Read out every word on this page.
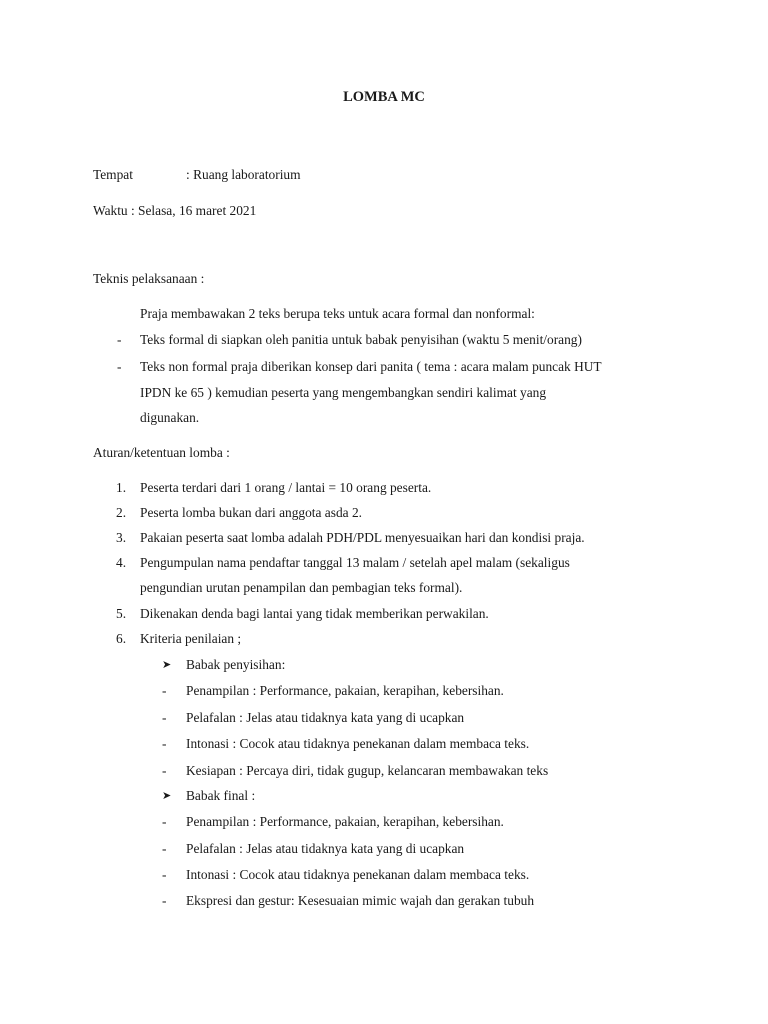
LOMBA MC
Tempat	: Ruang laboratorium
Waktu : Selasa, 16 maret 2021
Teknis pelaksanaan :
Praja membawakan 2 teks berupa teks untuk acara formal dan nonformal:
- Teks formal di siapkan oleh panitia untuk babak penyisihan (waktu 5 menit/orang)
- Teks non formal praja diberikan konsep dari panita ( tema : acara malam puncak HUT
IPDN ke 65 ) kemudian peserta yang mengembangkan sendiri kalimat yang
digunakan.
Aturan/ketentuan lomba :
1. Peserta terdari dari 1 orang / lantai = 10 orang peserta.
2. Peserta lomba bukan dari anggota asda 2.
3. Pakaian peserta saat lomba adalah PDH/PDL menyesuaikan hari dan kondisi praja.
4. Pengumpulan nama pendaftar tanggal 13 malam / setelah apel malam (sekaligus
pengundian urutan penampilan dan pembagian teks formal).
5. Dikenakan denda bagi lantai yang tidak memberikan perwakilan.
6. Kriteria penilaian ;
➤ Babak penyisihan:
- Penampilan : Performance, pakaian, kerapihan, kebersihan.
- Pelafalan : Jelas atau tidaknya kata yang di ucapkan
- Intonasi : Cocok atau tidaknya penekanan dalam membaca teks.
- Kesiapan : Percaya diri, tidak gugup, kelancaran membawakan teks
➤ Babak final :
- Penampilan : Performance, pakaian, kerapihan, kebersihan.
- Pelafalan : Jelas atau tidaknya kata yang di ucapkan
- Intonasi : Cocok atau tidaknya penekanan dalam membaca teks.
- Ekspresi dan gestur: Kesesuaian mimic wajah dan gerakan tubuh
